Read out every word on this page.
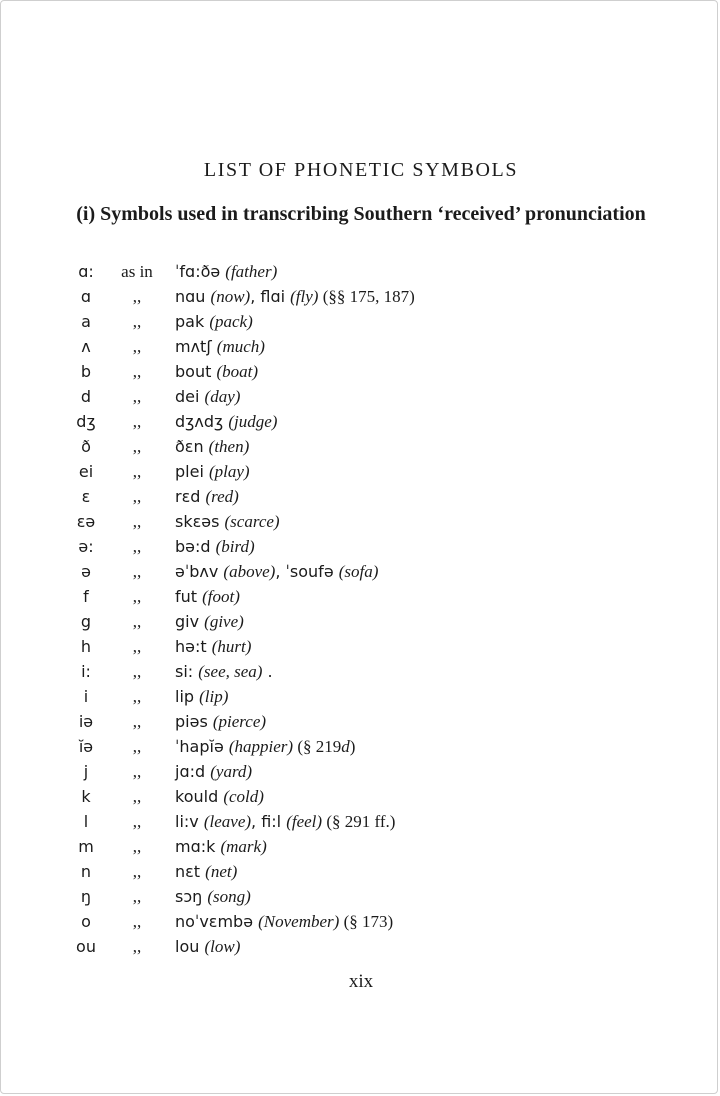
LIST OF PHONETIC SYMBOLS
(i) Symbols used in transcribing Southern ‘received’ pronunciation
ɑ:	as in	ˈfɑ:ðə (father)
ɑ	,,	nɑu (now), flɑi (fly) (§§ 175, 187)
a	,,	pak (pack)
ʌ	,,	mʌtʃ (much)
b	,,	bout (boat)
d	,,	dei (day)
dʒ	,,	dʒʌdʒ (judge)
ð	,,	ðɛn (then)
ei	,,	plei (play)
ɛ	,,	rɛd (red)
ɛə	,,	skɛəs (scarce)
ə:	,,	bə:d (bird)
ə	,,	əˈbʌv (above), ˈsoufə (sofa)
f	,,	fut (foot)
g	,,	giv (give)
h	,,	hə:t (hurt)
i:	,,	si: (see, sea) .
i	,,	lip (lip)
iə	,,	piəs (pierce)
ĭə	,,	ˈhapĭə (happier) (§ 219d)
j	,,	jɑ:d (yard)
k	,,	kould (cold)
l	,,	li:v (leave), fi:l (feel) (§ 291 ff.)
m	,,	mɑ:k (mark)
n	,,	nɛt (net)
ŋ	,,	sɔŋ (song)
o	,,	noˈvɛmbə (November) (§ 173)
ou	,,	lou (low)
xix
